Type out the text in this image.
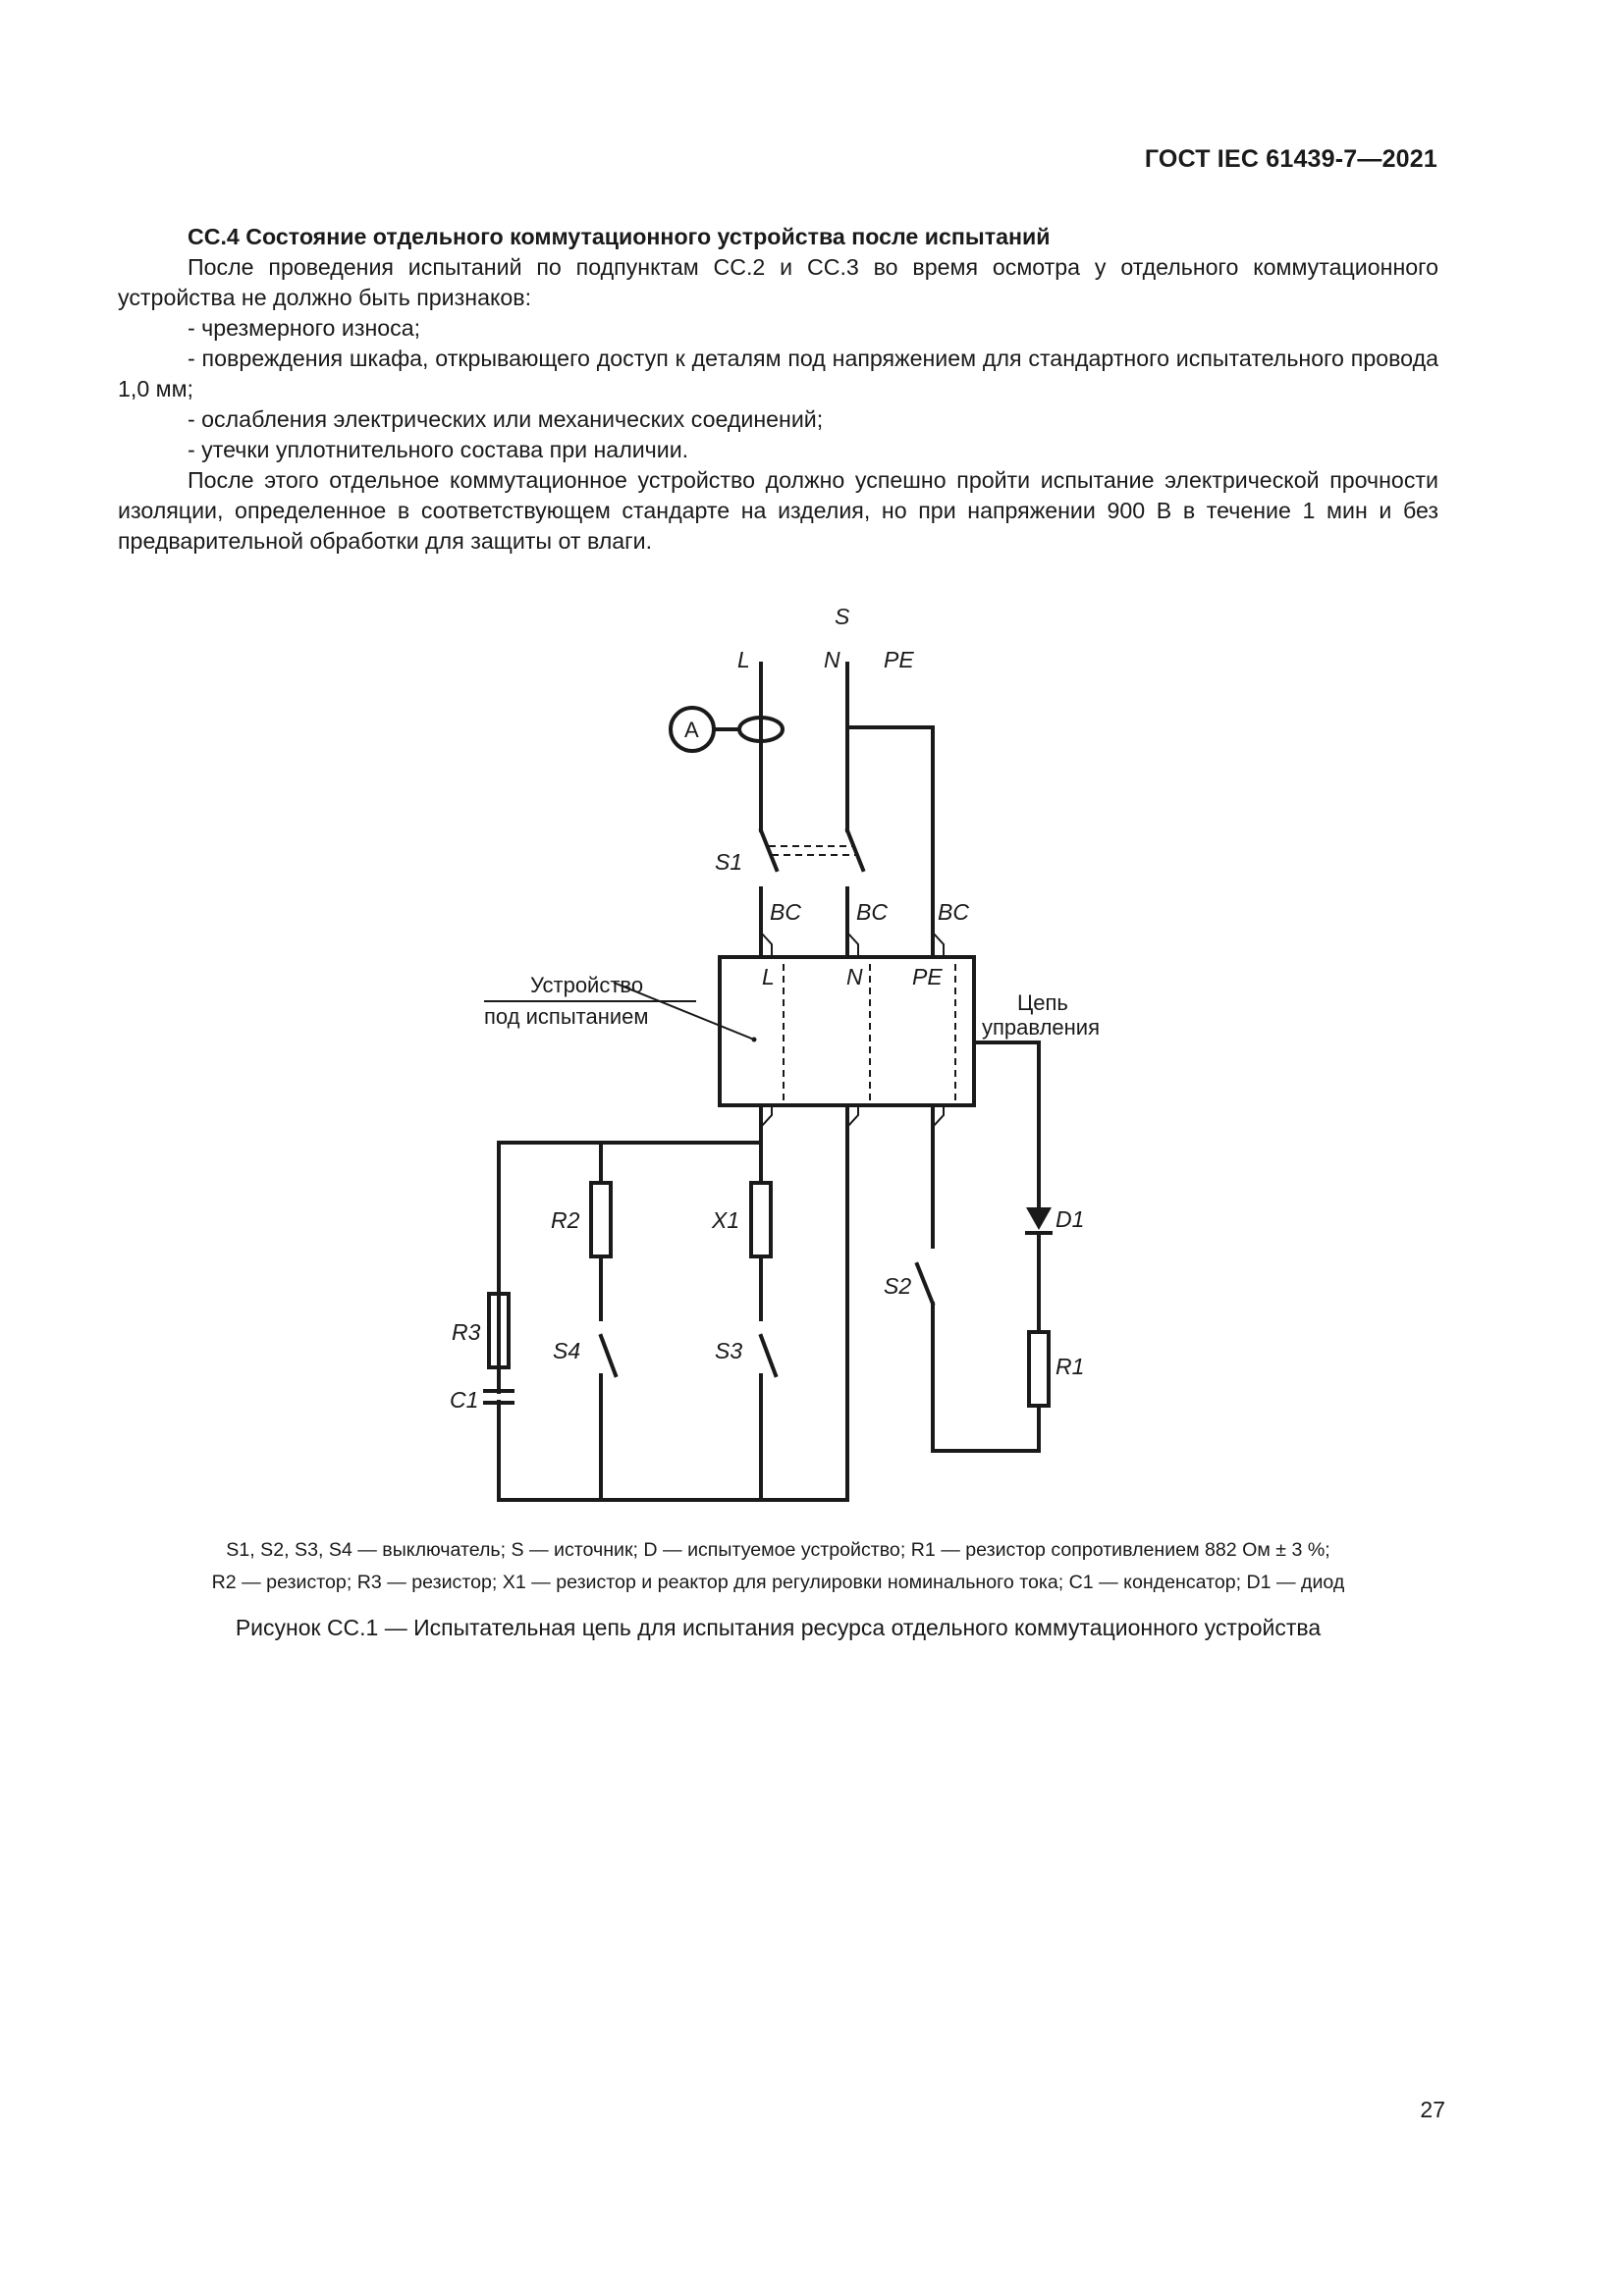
ГОСТ IEC 61439-7—2021

CC.4 Состояние отдельного коммутационного устройства после испытаний

После проведения испытаний по подпунктам CC.2 и CC.3 во время осмотра у отдельного коммутационного устройства не должно быть признаков:

- чрезмерного износа;

- повреждения шкафа, открывающего доступ к деталям под напряжением для стандартного испытательного провода 1,0 мм;

- ослабления электрических или механических соединений;

- утечки уплотнительного состава при наличии.

После этого отдельное коммутационное устройство должно успешно пройти испытание электрической прочности изоляции, определенное в соответствующем стандарте на изделия, но при напряжении 900 В в течение 1 мин и без предварительной обработки для защиты от влаги.

S
L	N PE
S1
BC BC BC
L	N PE
R2	X1
R3
C1
S4	S3
S2
D1
R1
A
Устройство
под испытанием
Цепь
управления
S1, S2, S3, S4 — выключатель; S — источник; D — испытуемое устройство; R1 — резистор сопротивлением 882 Ом ± 3 %;
R2 — резистор; R3 — резистор; X1 — резистор и реактор для регулировки номинального тока; C1 — конденсатор; D1 — диод
Рисунок CC.1 — Испытательная цепь для испытания ресурса отдельного коммутационного устройства
27
